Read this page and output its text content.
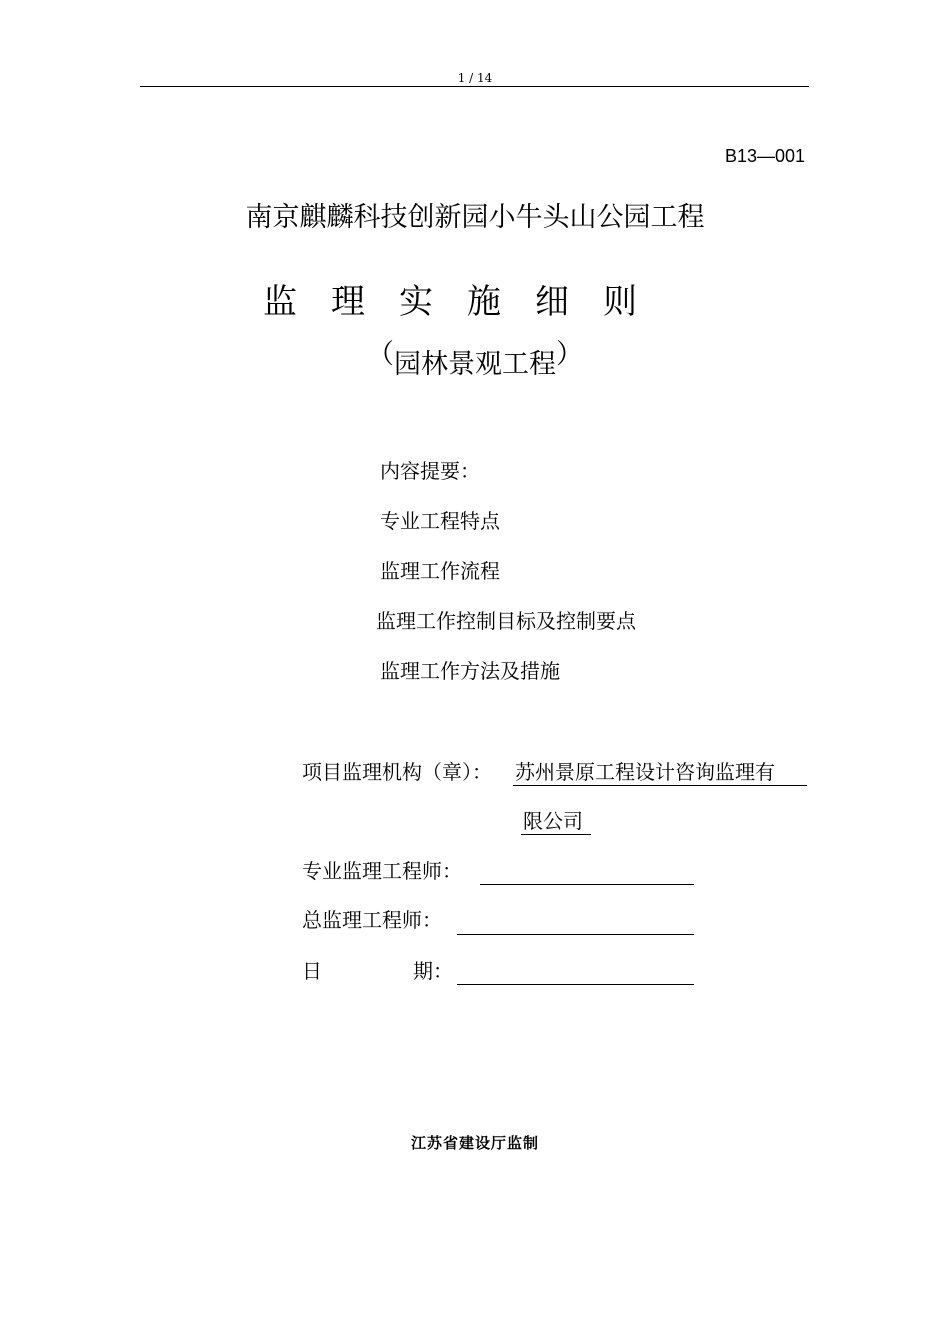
1 / 14
B13—001
南京麒麟科技创新园小牛头山公园工程
监理实施细则
（园林景观工程）
内容提要：
专业工程特点
监理工作流程
监理工作控制目标及控制要点
监理工作方法及措施
项目监理机构（章）： 苏州景原工程设计咨询监理有
限公司
专业监理工程师：
总监理工程师：
日	期：
江苏省建设厅监制
